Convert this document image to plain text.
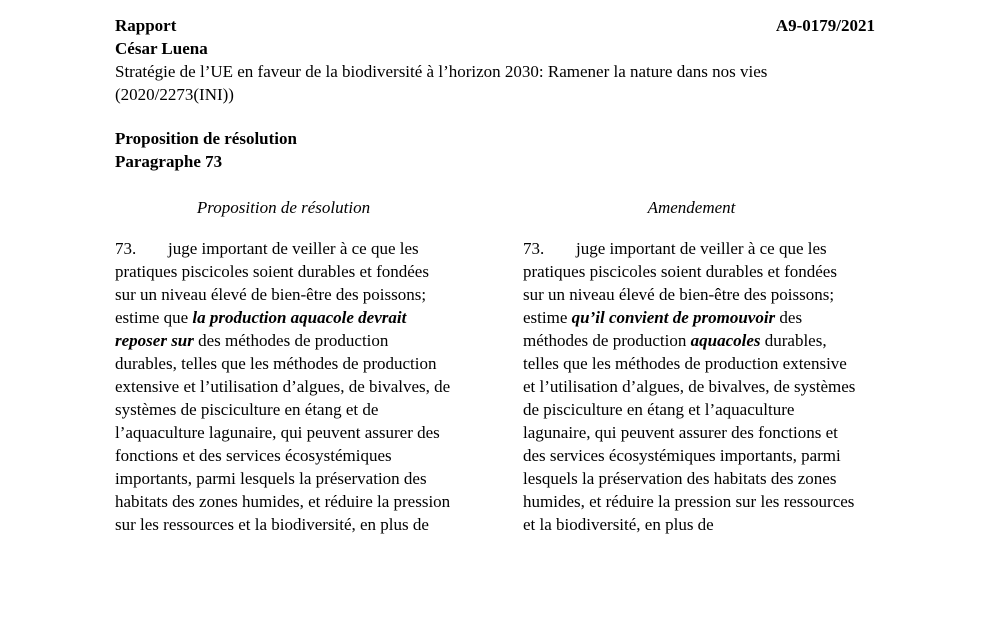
Rapport	A9-0179/2021
César Luena
Stratégie de l’UE en faveur de la biodiversité à l’horizon 2030: Ramener la nature dans nos vies
(2020/2273(INI))
Proposition de résolution
Paragraphe 73
Proposition de résolution

73. juge important de veiller à ce que les pratiques piscicoles soient durables et fondées sur un niveau élevé de bien-être des poissons; estime que la production aquacole devrait reposer sur des méthodes de production durables, telles que les méthodes de production extensive et l’utilisation d’algues, de bivalves, de systèmes de pisciculture en étang et de l’aquaculture lagunaire, qui peuvent assurer des fonctions et des services écosystémiques importants, parmi lesquels la préservation des habitats des zones humides, et réduire la pression sur les ressources et la biodiversité, en plus de

Amendement

73. juge important de veiller à ce que les pratiques piscicoles soient durables et fondées sur un niveau élevé de bien-être des poissons; estime qu’il convient de promouvoir des méthodes de production aquacoles durables, telles que les méthodes de production extensive et l’utilisation d’algues, de bivalves, de systèmes de pisciculture en étang et l’aquaculture lagunaire, qui peuvent assurer des fonctions et des services écosystémiques importants, parmi lesquels la préservation des habitats des zones humides, et réduire la pression sur les ressources et la biodiversité, en plus de
